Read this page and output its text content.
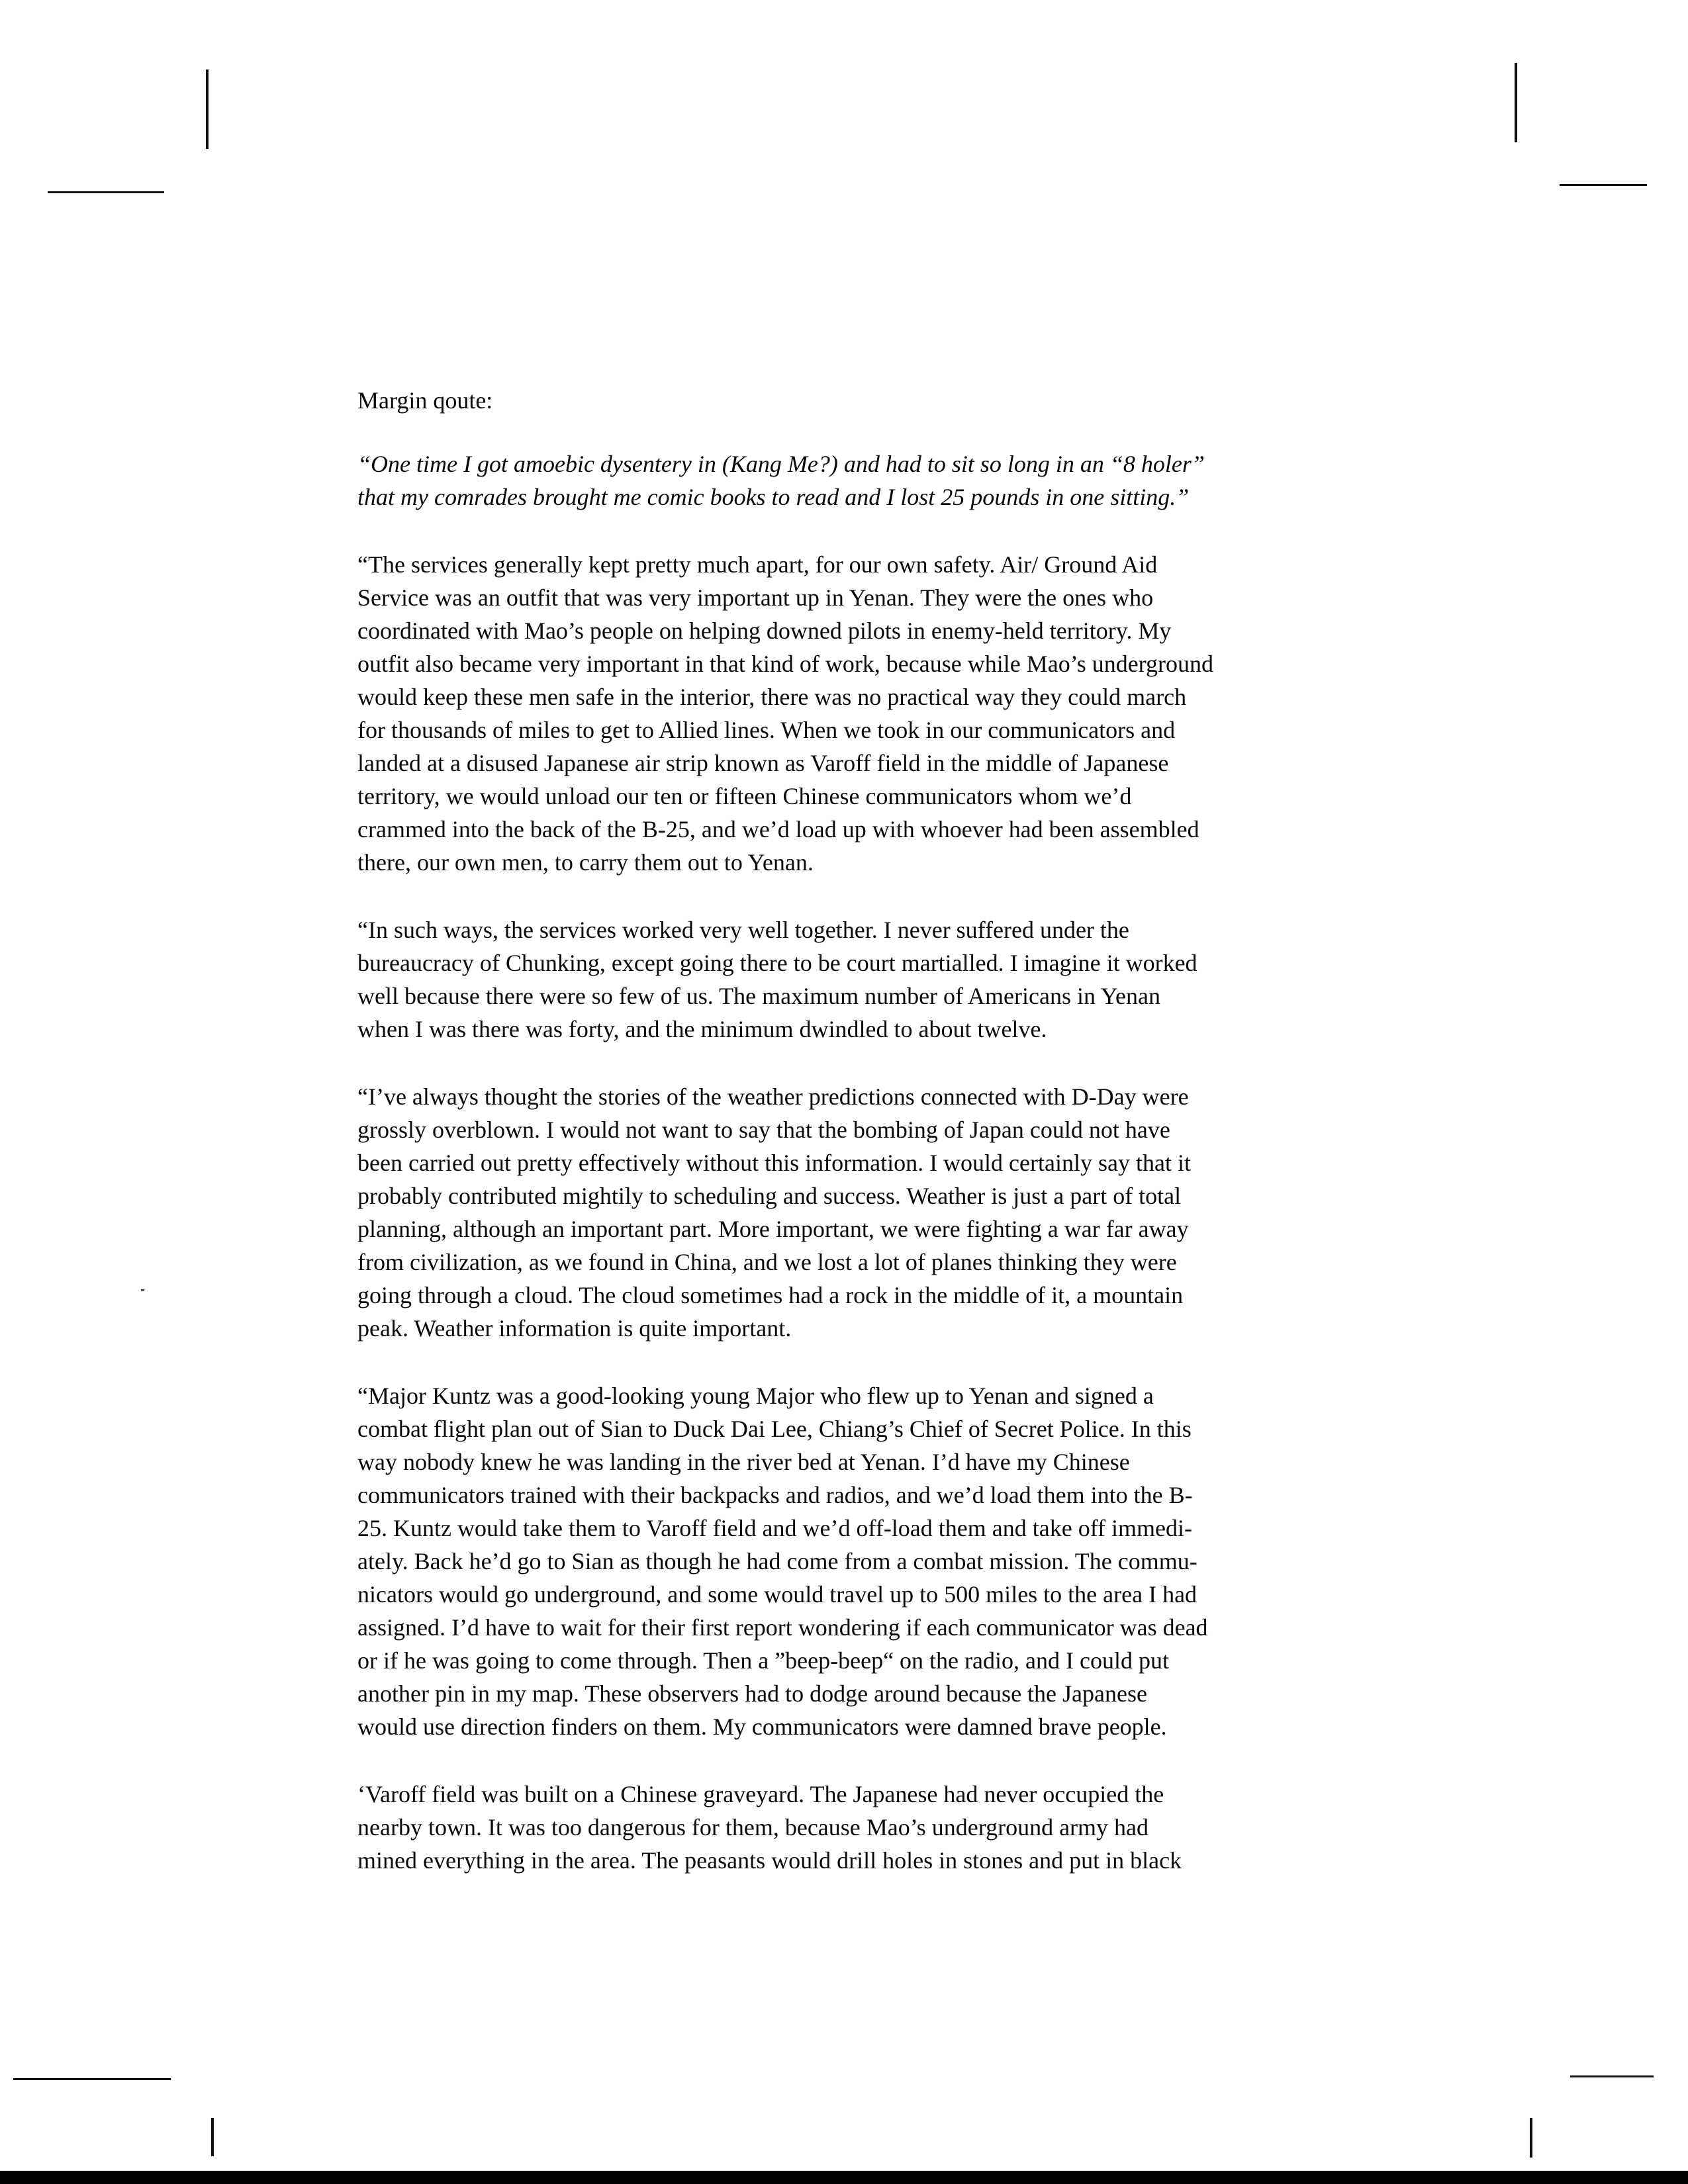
Margin qoute:

“One time I got amoebic dysentery in (Kang Me?) and had to sit so long in an “8 holer”
that my comrades brought me comic books to read and I lost 25 pounds in one sitting.”

“The services generally kept pretty much apart, for our own safety. Air/ Ground Aid
Service was an outfit that was very important up in Yenan. They were the ones who
coordinated with Mao’s people on helping downed pilots in enemy-held territory. My
outfit also became very important in that kind of work, because while Mao’s underground
would keep these men safe in the interior, there was no practical way they could march
for thousands of miles to get to Allied lines. When we took in our communicators and
landed at a disused Japanese air strip known as Varoff field in the middle of Japanese
territory, we would unload our ten or fifteen Chinese communicators whom we’d
crammed into the back of the B-25, and we’d load up with whoever had been assembled
there, our own men, to carry them out to Yenan.

“In such ways, the services worked very well together. I never suffered under the
bureaucracy of Chunking, except going there to be court martialled. I imagine it worked
well because there were so few of us. The maximum number of Americans in Yenan
when I was there was forty, and the minimum dwindled to about twelve.

“I’ve always thought the stories of the weather predictions connected with D-Day were
grossly overblown. I would not want to say that the bombing of Japan could not have
been carried out pretty effectively without this information. I would certainly say that it
probably contributed mightily to scheduling and success. Weather is just a part of total
planning, although an important part. More important, we were fighting a war far away
from civilization, as we found in China, and we lost a lot of planes thinking they were
going through a cloud. The cloud sometimes had a rock in the middle of it, a mountain
peak. Weather information is quite important.

“Major Kuntz was a good-looking young Major who flew up to Yenan and signed a
combat flight plan out of Sian to Duck Dai Lee, Chiang’s Chief of Secret Police. In this
way nobody knew he was landing in the river bed at Yenan. I’d have my Chinese
communicators trained with their backpacks and radios, and we’d load them into the B-
25. Kuntz would take them to Varoff field and we’d off-load them and take off immedi-
ately. Back he’d go to Sian as though he had come from a combat mission. The commu-
nicators would go underground, and some would travel up to 500 miles to the area I had
assigned. I’d have to wait for their first report wondering if each communicator was dead
or if he was going to come through. Then a ”beep-beep“ on the radio, and I could put
another pin in my map. These observers had to dodge around because the Japanese
would use direction finders on them. My communicators were damned brave people.

‘Varoff field was built on a Chinese graveyard. The Japanese had never occupied the
nearby town. It was too dangerous for them, because Mao’s underground army had
mined everything in the area. The peasants would drill holes in stones and put in black
